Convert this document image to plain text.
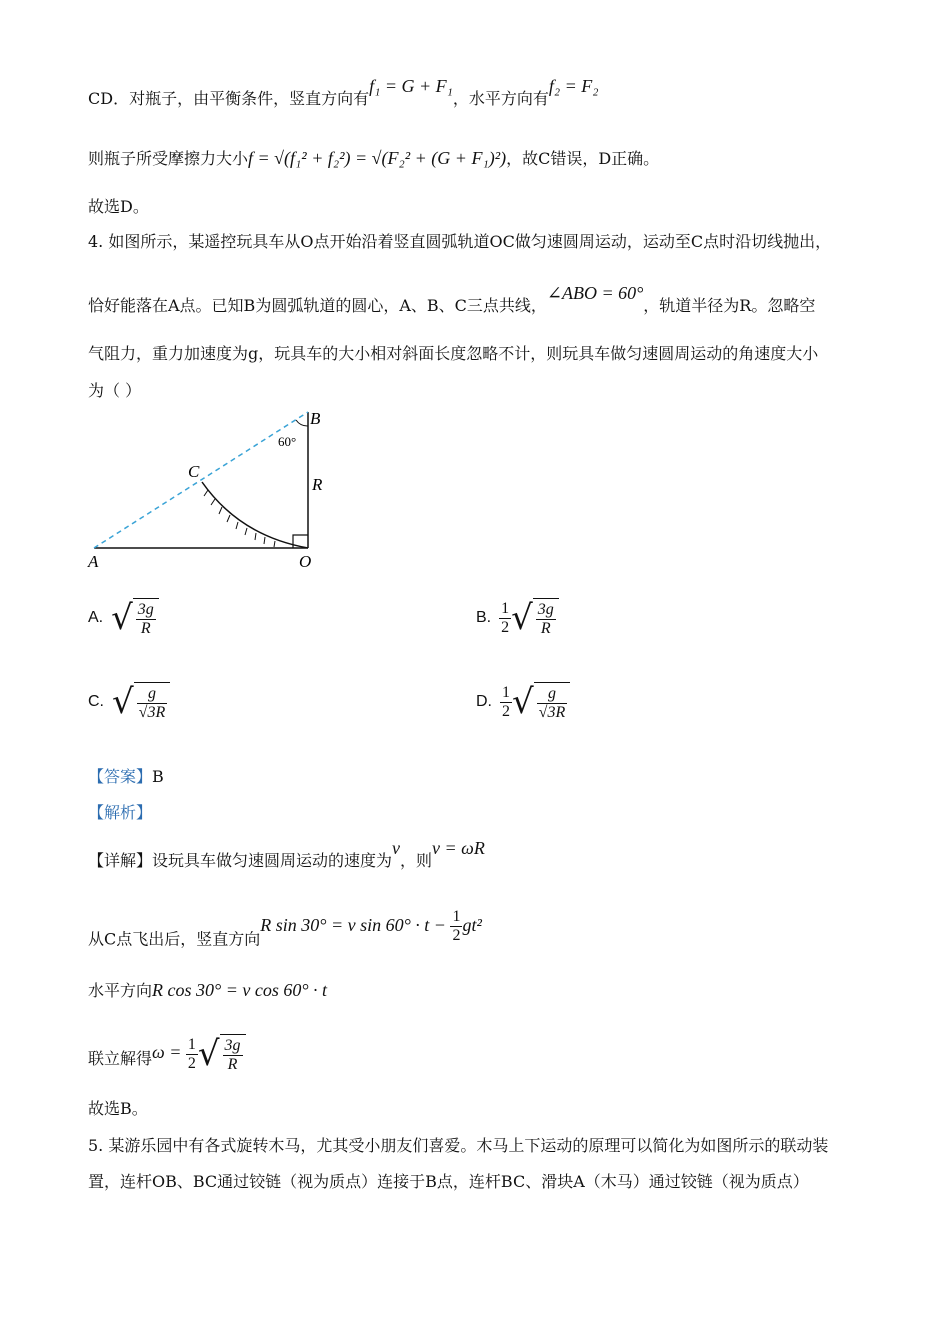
CD．对瓶子，由平衡条件，竖直方向有f₁ = G + F₁，水平方向有f₂ = F₂
则瓶子所受摩擦力大小f = √(f₁² + f₂²) = √(F₂² + (G + F₁)²)，故C错误，D正确。
故选D。
4. 如图所示，某遥控玩具车从O点开始沿着竖直圆弧轨道OC做匀速圆周运动，运动至C点时沿切线抛出，
恰好能落在A点。已知B为圆弧轨道的圆心，A、B、C三点共线，∠ABO = 60°，轨道半径为R。忽略空
气阻力，重力加速度为g，玩具车的大小相对斜面长度忽略不计，则玩具车做匀速圆周运动的角速度大小
为（ ）
B
60°
C
R
A	O
A. √ $\frac{3g}{R}$	B. $\frac{1}{2}$ √ $\frac{3g}{R}$
C. √ $\frac{g}{√3R}$	D. $\frac{1}{2}$ √ $\frac{g}{√3R}$
【答案】B
【解析】
【详解】设玩具车做匀速圆周运动的速度为v，则v = ωR
从C点飞出后，竖直方向R sin 30° = v $\sin 60^\circ \cdot t - \frac{1}{2} gt^2$
水平方向R cos 30° = v cos 60° · t
联立解得$\omega = \frac{1}{2}$ √ $\frac{3g}{R}$
故选B。
5. 某游乐园中有各式旋转木马，尤其受小朋友们喜爱。木马上下运动的原理可以简化为如图所示的联动装
置，连杆OB、BC通过铰链（视为质点）连接于B点，连杆BC、滑块A（木马）通过铰链（视为质点）
